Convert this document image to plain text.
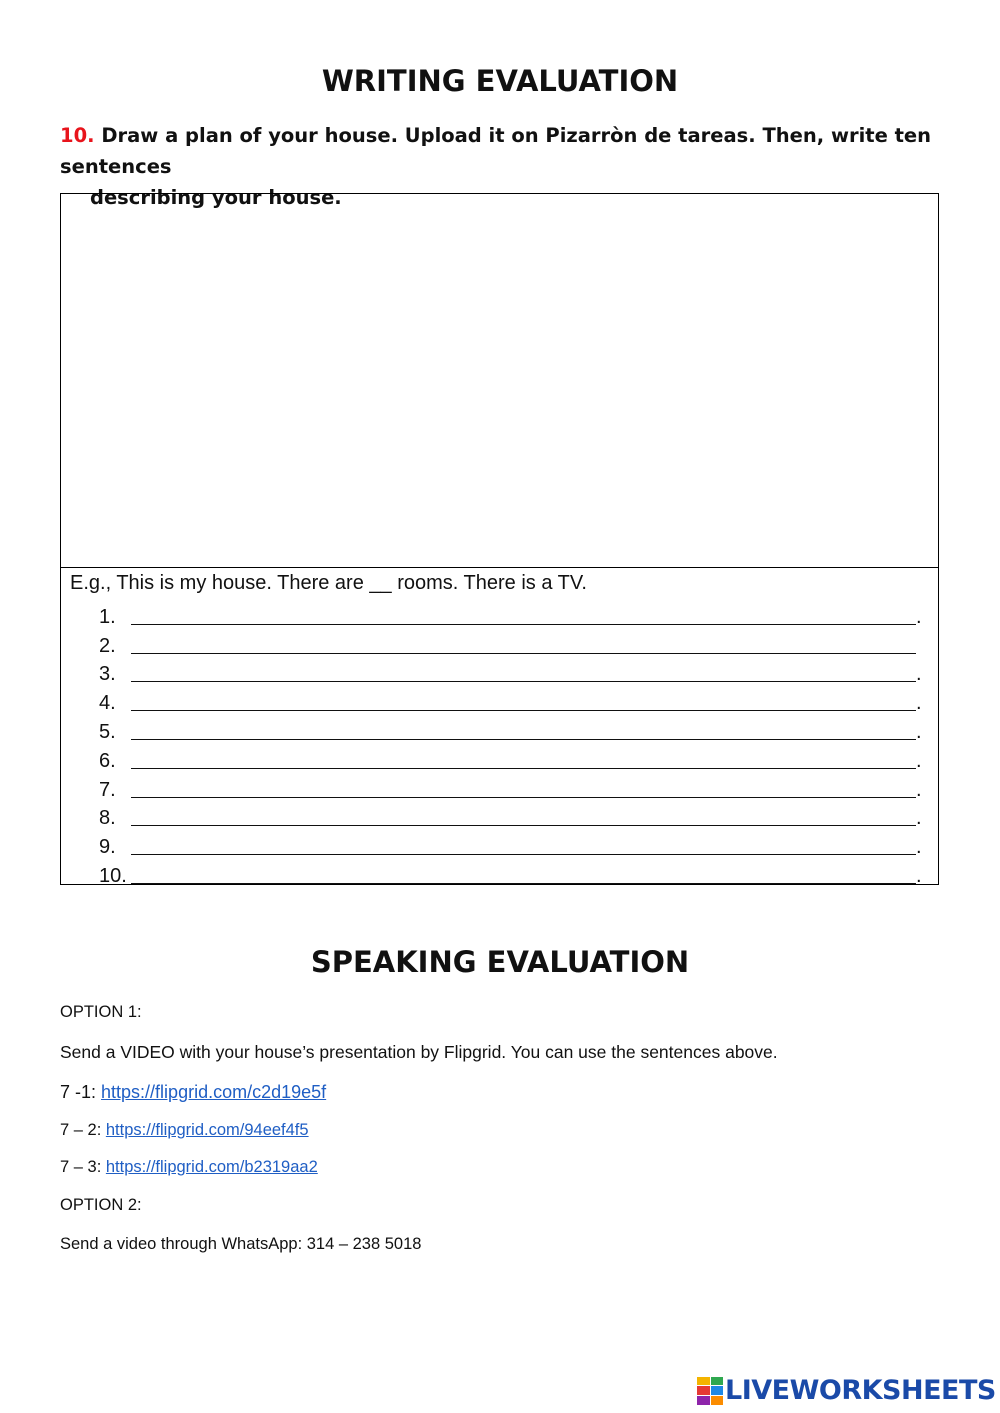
WRITING EVALUATION
10. Draw a plan of your house. Upload it on Pizarròn de tareas. Then, write ten sentences
describing your house.
E.g., This is my house. There are __ rooms. There is a TV.
1.	.
2.
3.	.
4.	.
5.	.
6.	.
7.	.
8.	.
9.	.
10.	.
SPEAKING EVALUATION
OPTION 1:
Send a VIDEO with your house’s presentation by Flipgrid. You can use the sentences above.
7 -1: https://flipgrid.com/c2d19e5f
7 – 2: https://flipgrid.com/94eef4f5
7 – 3: https://flipgrid.com/b2319aa2
OPTION 2:
Send a video through WhatsApp: 314 – 238 5018
LIVEWORKSHEETS
